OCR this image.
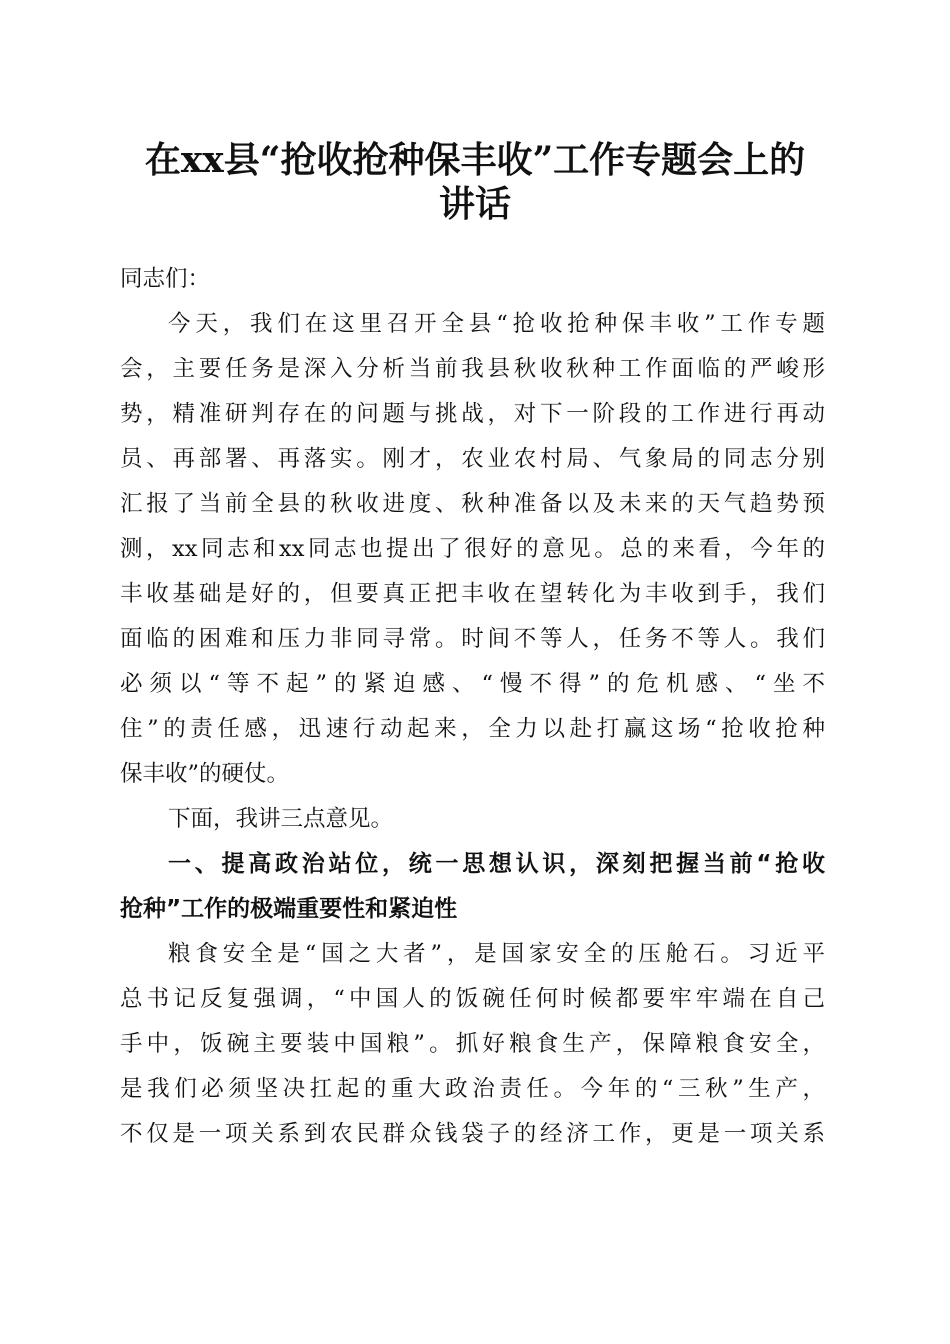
在xx县“抢收抢种保丰收”工作专题会上的
讲话
同志们：
今天，我们在这里召开全县“抢收抢种保丰收”工作专题
会，主要任务是深入分析当前我县秋收秋种工作面临的严峻形
势，精准研判存在的问题与挑战，对下一阶段的工作进行再动
员、再部署、再落实。刚才，农业农村局、气象局的同志分别
汇报了当前全县的秋收进度、秋种准备以及未来的天气趋势预
测，xx同志和xx同志也提出了很好的意见。总的来看，今年的
丰收基础是好的，但要真正把丰收在望转化为丰收到手，我们
面临的困难和压力非同寻常。时间不等人，任务不等人。我们
必须以“等不起”的紧迫感、“慢不得”的危机感、“坐不
住”的责任感，迅速行动起来，全力以赴打赢这场“抢收抢种
保丰收”的硬仗。
下面，我讲三点意见。
一、提高政治站位，统一思想认识，深刻把握当前“抢收
抢种”工作的极端重要性和紧迫性
粮食安全是“国之大者”，是国家安全的压舱石。习近平
总书记反复强调，“中国人的饭碗任何时候都要牢牢端在自己
手中，饭碗主要装中国粮”。抓好粮食生产，保障粮食安全，
是我们必须坚决扛起的重大政治责任。今年的“三秋”生产，
不仅是一项关系到农民群众钱袋子的经济工作，更是一项关系
